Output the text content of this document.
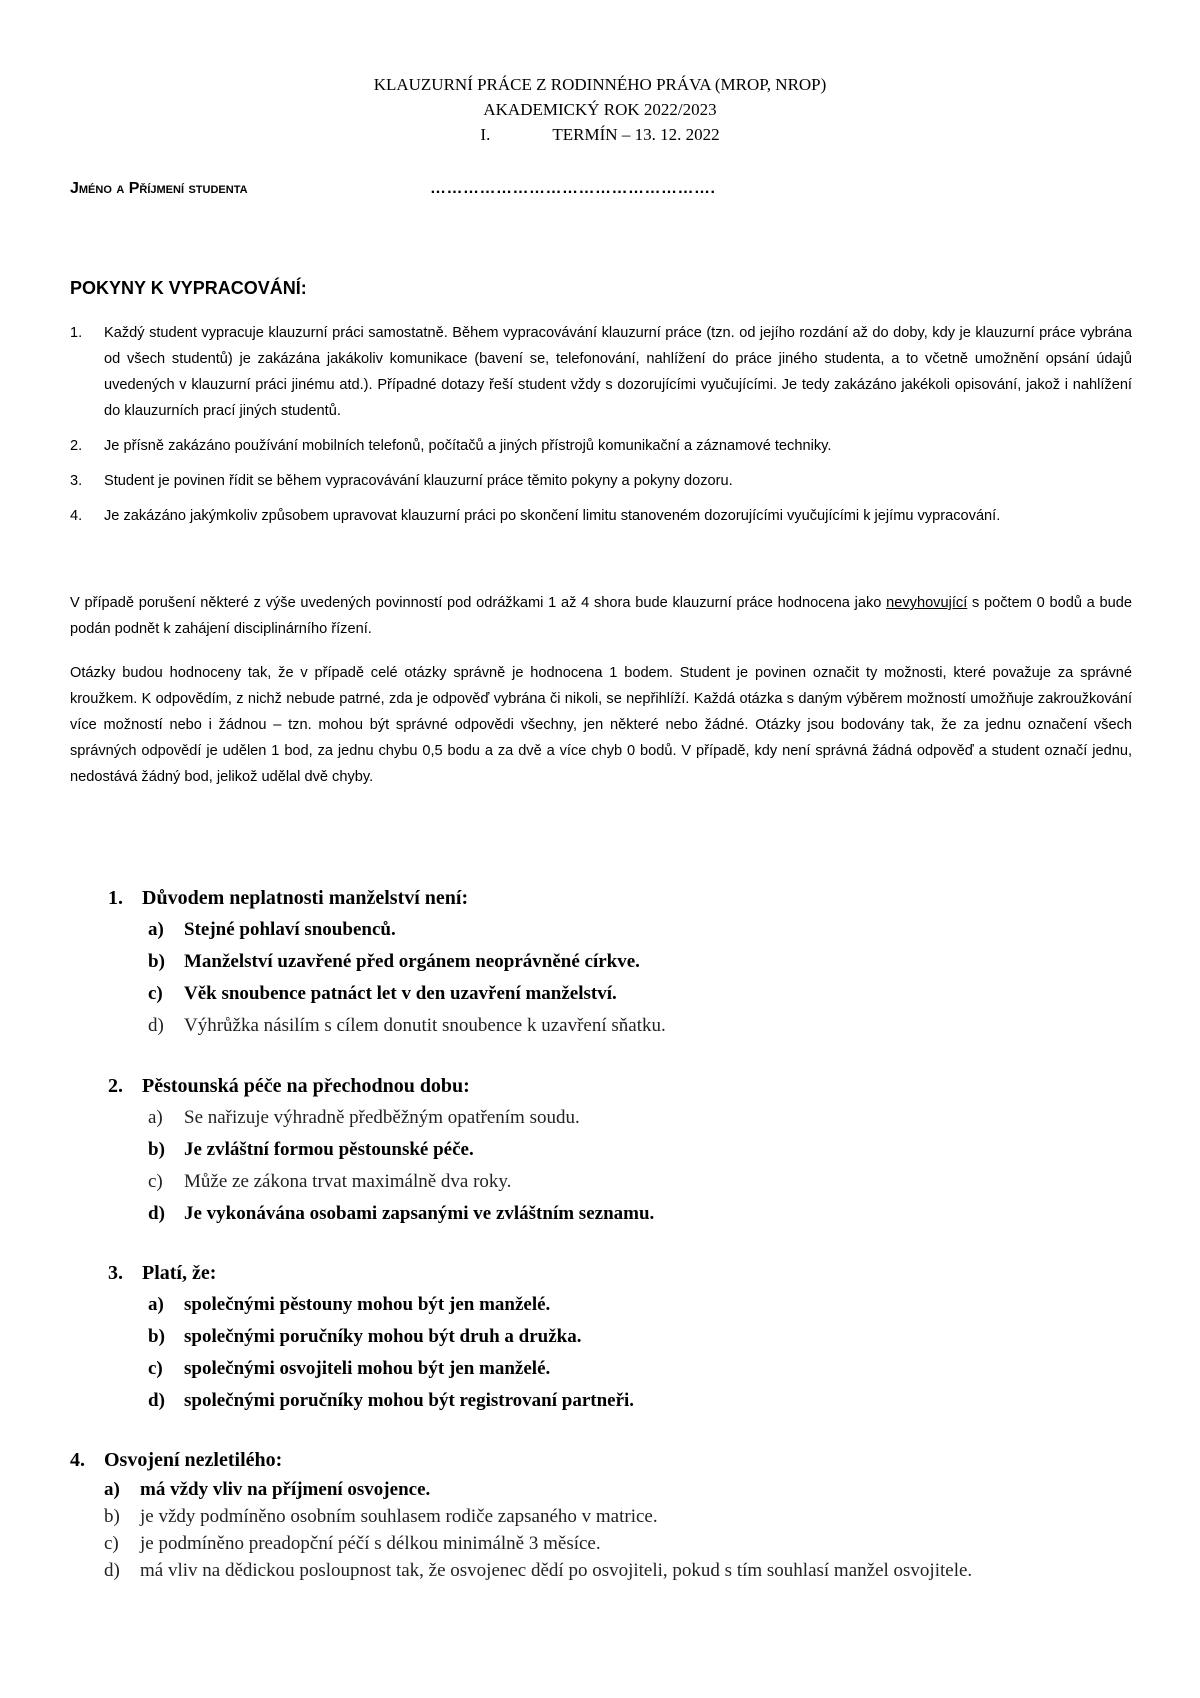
KLAUZURNÍ PRÁCE Z RODINNÉHO PRÁVA (MROP, NROP)
AKADEMICKÝ ROK 2022/2023
I.	TERMÍN – 13. 12. 2022
Jméno a Příjmení studenta	…………………………………………….
POKYNY K VYPRACOVÁNÍ:
1.	Každý student vypracuje klauzurní práci samostatně. Během vypracovávání klauzurní práce (tzn. od jejího rozdání až do doby, kdy je klauzurní práce vybrána od všech studentů) je zakázána jakákoliv komunikace (bavení se, telefonování, nahlížení do práce jiného studenta, a to včetně umožnění opsání údajů uvedených v klauzurní práci jinému atd.). Případné dotazy řeší student vždy s dozorujícími vyučujícími. Je tedy zakázáno jakékoli opisování, jakož i nahlížení do klauzurních prací jiných studentů.
2.	Je přísně zakázáno používání mobilních telefonů, počítačů a jiných přístrojů komunikační a záznamové techniky.
3.	Student je povinen řídit se během vypracovávání klauzurní práce těmito pokyny a pokyny dozoru.
4.	Je zakázáno jakýmkoliv způsobem upravovat klauzurní práci po skončení limitu stanoveném dozorujícími vyučujícími k jejímu vypracování.
V případě porušení některé z výše uvedených povinností pod odrážkami 1 až 4 shora bude klauzurní práce hodnocena jako nevyhovující s počtem 0 bodů a bude podán podnět k zahájení disciplinárního řízení.
Otázky budou hodnoceny tak, že v případě celé otázky správně je hodnocena 1 bodem. Student je povinen označit ty možnosti, které považuje za správné kroužkem. K odpovědím, z nichž nebude patrné, zda je odpověď vybrána či nikoli, se nepřihlíží. Každá otázka s daným výběrem možností umožňuje zakroužkování více možností nebo i žádnou – tzn. mohou být správné odpovědi všechny, jen některé nebo žádné. Otázky jsou bodovány tak, že za jednu označení všech správných odpovědí je udělen 1 bod, za jednu chybu 0,5 bodu a za dvě a více chyb 0 bodů. V případě, kdy není správná žádná odpověď a student označí jednu, nedostává žádný bod, jelikož udělal dvě chyby.
1. Důvodem neplatnosti manželství není:
a)	Stejné pohlaví snoubenců.
b)	Manželství uzavřené před orgánem neoprávněné církve.
c)	Věk snoubence patnáct let v den uzavření manželství.
d)	Výhrůžka násilím s cílem donutit snoubence k uzavření sňatku.
2. Pěstounská péče na přechodnou dobu:
a)	Se nařizuje výhradně předběžným opatřením soudu.
b)	Je zvláštní formou pěstounské péče.
c)	Může ze zákona trvat maximálně dva roky.
d)	Je vykonávána osobami zapsanými ve zvláštním seznamu.
3. Platí, že:
a)	společnými pěstouny mohou být jen manželé.
b)	společnými poručníky mohou být druh a družka.
c)	společnými osvojiteli mohou být jen manželé.
d)	společnými poručníky mohou být registrovaní partneři.
4. Osvojení nezletilého:
a)	má vždy vliv na příjmení osvojence.
b)	je vždy podmíněno osobním souhlasem rodiče zapsaného v matrice.
c)	je podmíněno preadopční péčí s délkou minimálně 3 měsíce.
d)	má vliv na dědickou posloupnost tak, že osvojenec dědí po osvojiteli, pokud s tím souhlasí manžel osvojitele.
